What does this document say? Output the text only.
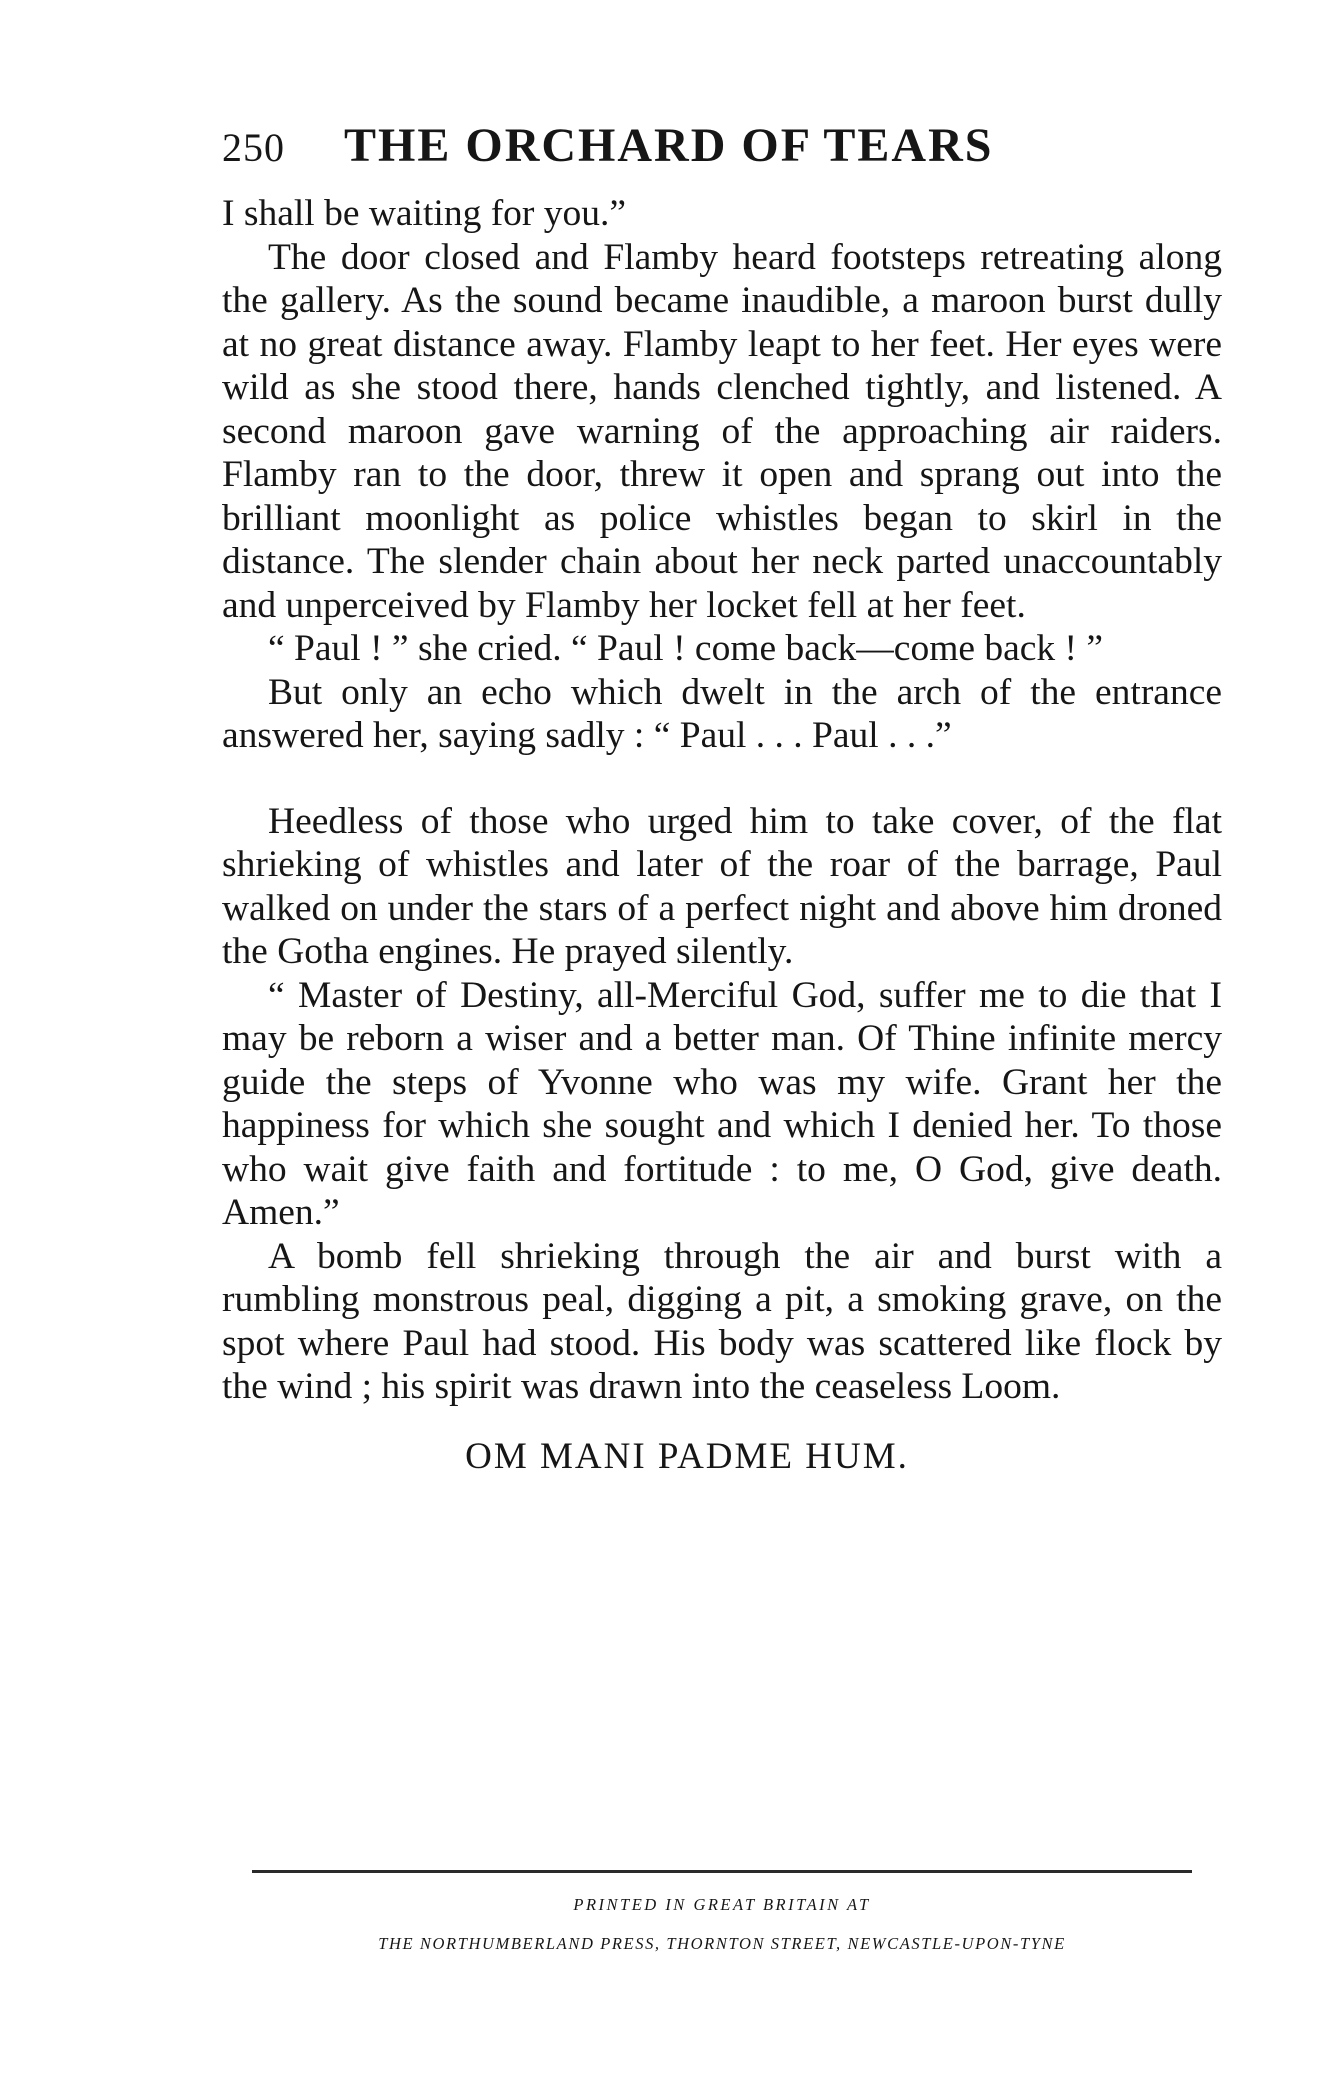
250	THE ORCHARD OF TEARS

I shall be waiting for you.”

The door closed and Flamby heard footsteps retreating along the gallery. As the sound became inaudible, a maroon burst dully at no great distance away. Flamby leapt to her feet. Her eyes were wild as she stood there, hands clenched tightly, and listened. A second maroon gave warning of the approaching air raiders. Flamby ran to the door, threw it open and sprang out into the brilliant moonlight as police whistles began to skirl in the distance. The slender chain about her neck parted unaccountably and unperceived by Flamby her locket fell at her feet.

“ Paul ! ” she cried. “ Paul ! come back—come back ! ”

But only an echo which dwelt in the arch of the entrance answered her, saying sadly : “ Paul . . . Paul . . .”

Heedless of those who urged him to take cover, of the flat shrieking of whistles and later of the roar of the barrage, Paul walked on under the stars of a perfect night and above him droned the Gotha engines. He prayed silently.

“ Master of Destiny, all-Merciful God, suffer me to die that I may be reborn a wiser and a better man. Of Thine infinite mercy guide the steps of Yvonne who was my wife. Grant her the happiness for which she sought and which I denied her. To those who wait give faith and fortitude : to me, O God, give death. Amen.”

A bomb fell shrieking through the air and burst with a rumbling monstrous peal, digging a pit, a smoking grave, on the spot where Paul had stood. His body was scattered like flock by the wind ; his spirit was drawn into the ceaseless Loom.

OM MANI PADME HUM.
PRINTED IN GREAT BRITAIN AT
THE NORTHUMBERLAND PRESS, THORNTON STREET, NEWCASTLE-UPON-TYNE
